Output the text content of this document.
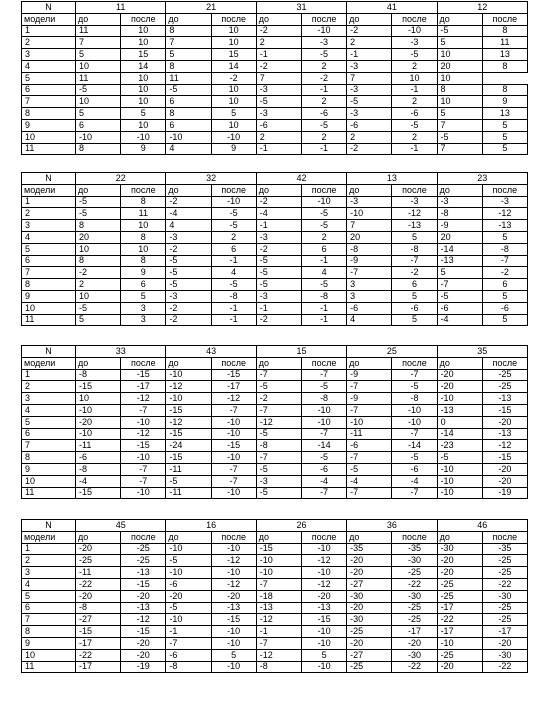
N	11		21		31		41		12	
модели	до	после	до	после	до	после	до	после	до	после
1	11	10	8	10	-2	-10	-2	-10	-5	8
2	7	10	7	10	2	-3	2	-3	5	11
3	5	15	5	15	-1	-5	-1	-5	10	13
4	10	14	8	14	-2	2	-3	2	20	8
5	11	10	11	-2	7	-2	7	10	10	
6	-5	10	-5	10	-3	-1	-3	-1	8	8
7	10	10	6	10	-5	2	-5	2	10	9
8	5	5	8	5	-3	-6	-3	-6	5	13
9	6	10	6	10	-6	-5	-6	-5	7	5
10	-10	-10	-10	-10	2	2	2	2	-5	5
11	8	9	4	9	-1	-1	-2	-1	7	5
N	22		32		42		13		23	
модели	до	после	до	после	до	после	до	после	до	после
1	-5	8	-2	-10	-2	-10	-3	-3	-3	-3
2	-5	11	-4	-5	-4	-5	-10	-12	-8	-12
3	8	10	4	-5	-1	-5	7	-13	-9	-13
4	20	8	-3	2	-3	2	20	5	20	5
5	10	10	-2	6	-2	6	-8	-8	-14	-8
6	8	8	-5	-1	-5	-1	-9	-7	-13	-7
7	-2	9	-5	4	-5	4	-7	-2	5	-2
8	2	6	-5	-5	-5	-5	3	6	-7	6
9	10	5	-3	-8	-3	-8	3	5	-5	5
10	-5	3	-2	-1	-1	-1	-6	-6	-6	-6
11	5	3	-2	-1	-2	-1	4	5	-4	5
N	33		43		15		25		35	
модели	до	после	до	после	до	после	до	после	до	после
1	-8	-15	-10	-15	-7	-7	-9	-7	-20	-25
2	-15	-17	-12	-17	-5	-5	-7	-5	-20	-25
3	10	-12	-10	-12	-2	-8	-9	-8	-10	-13
4	-10	-7	-15	-7	-7	-10	-7	-10	-13	-15
5	-20	-10	-12	-10	-12	-10	-10	-10	0	-20
6	-10	-12	-15	-10	-5	-7	-11	-7	-14	-13
7	-11	-15	-24	-15	-8	-14	-6	-14	-23	-12
8	-6	-10	-15	-10	-7	-5	-7	-5	-5	-15
9	-8	-7	-11	-7	-5	-6	-5	-6	-10	-20
10	-4	-7	-5	-7	-3	-4	-4	-4	-10	-20
11	-15	-10	-11	-10	-5	-7	-7	-7	-10	-19
N	45		16		26		36		46	
модели	до	после	до	после	до	после	до	после	до	после
1	-20	-25	-10	-10	-15	-10	-35	-35	-30	-35
2	-25	-25	-5	-12	-10	-12	-20	-30	-20	-25
3	-11	-13	-10	-10	-10	-10	-20	-25	-20	-25
4	-22	-15	-6	-12	-7	-12	-27	-22	-25	-22
5	-20	-20	-20	-20	-18	-20	-30	-30	-25	-30
6	-8	-13	-5	-13	-13	-13	-20	-25	-17	-25
7	-27	-12	-10	-15	-12	-15	-30	-25	-22	-25
8	-15	-15	-1	-10	-1	-10	-25	-17	-17	-17
9	-17	-20	-7	-10	-7	-10	-20	-20	-10	-20
10	-22	-20	-6	5	-12	5	-27	-30	-25	-30
11	-17	-19	-8	-10	-8	-10	-25	-22	-20	-22
